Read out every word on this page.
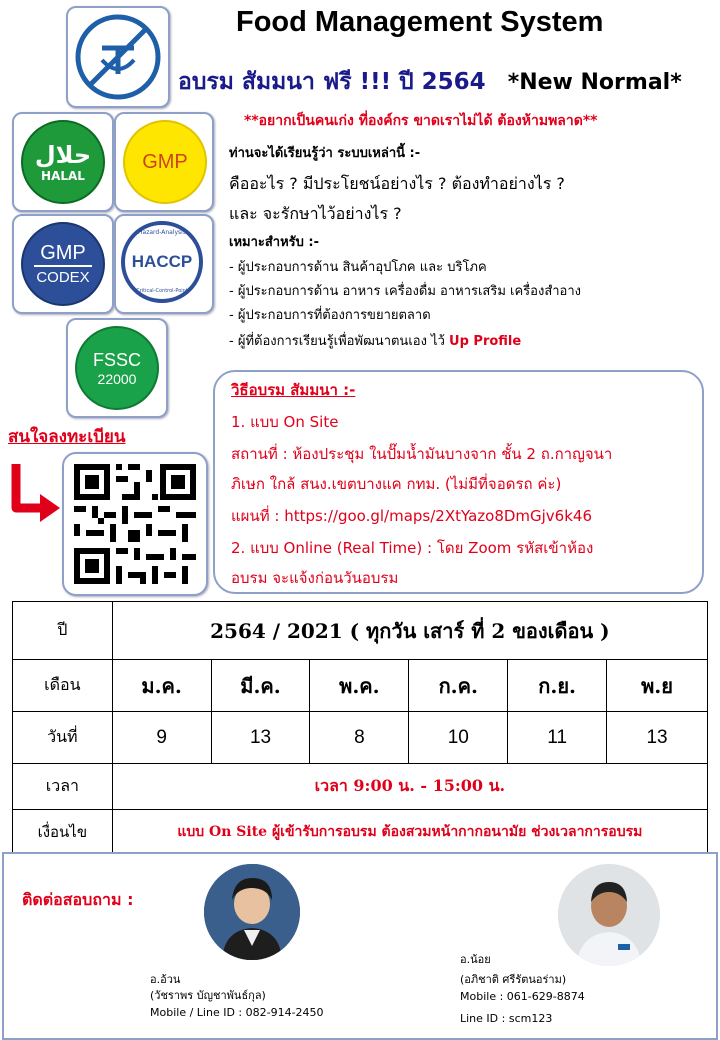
Food Management System
อบรม สัมมนา ฟรี !!! ปี 2564 *New Normal*
**อยากเป็นคนเก่ง ที่องค์กร ขาดเราไม่ได้ ต้องห้ามพลาด**
حلال
HALAL
GMP
GMP
CODEX
Hazard-Analysis
HACCP
Critical-Control-Point
FSSC
22000
ท่านจะได้เรียนรู้ว่า ระบบเหล่านี้ :-
คืออะไร ? มีประโยชน์อย่างไร ? ต้องทำอย่างไร ?
และ จะรักษาไว้อย่างไร ?
เหมาะสำหรับ :-
- ผู้ประกอบการด้าน สินค้าอุปโภค และ บริโภค
- ผู้ประกอบการด้าน อาหาร เครื่องดื่ม อาหารเสริม เครื่องสำอาง
- ผู้ประกอบการที่ต้องการขยายตลาด
- ผู้ที่ต้องการเรียนรู้เพื่อพัฒนาตนเอง ไว้ Up Profile
สนใจลงทะเบียน
วิธีอบรม สัมมนา :-
1. แบบ On Site
สถานที่ : ห้องประชุม ในปั๊มน้ำมันบางจาก ชั้น 2 ถ.กาญจนา
ภิเษก ใกล้ สนง.เขตบางแค กทม. (ไม่มีที่จอดรถ ค่ะ)
แผนที่ : https://goo.gl/maps/2XtYazo8DmGjv6k46
2. แบบ Online (Real Time) : โดย Zoom รหัสเข้าห้อง
อบรม จะแจ้งก่อนวันอบรม
ปี	2564 / 2021 ( ทุกวัน เสาร์ ที่ 2 ของเดือน )					
เดือน	ม.ค.	มี.ค.	พ.ค.	ก.ค.	ก.ย.	พ.ย
วันที่	9	13	8	10	11	13
เวลา	เวลา 9:00 น. - 15:00 น.					
เงื่อนไข	แบบ On Site ผู้เข้ารับการอบรม ต้องสวมหน้ากากอนามัย ช่วงเวลาการอบรม					
ติดต่อสอบถาม :
อ.อ้วน
(วัชราพร บัญชาพันธ์กุล)
Mobile / Line ID : 082-914-2450
อ.น้อย
(อภิชาติ ศรีรัตนอร่าม)
Mobile : 061-629-8874
Line ID : scm123
